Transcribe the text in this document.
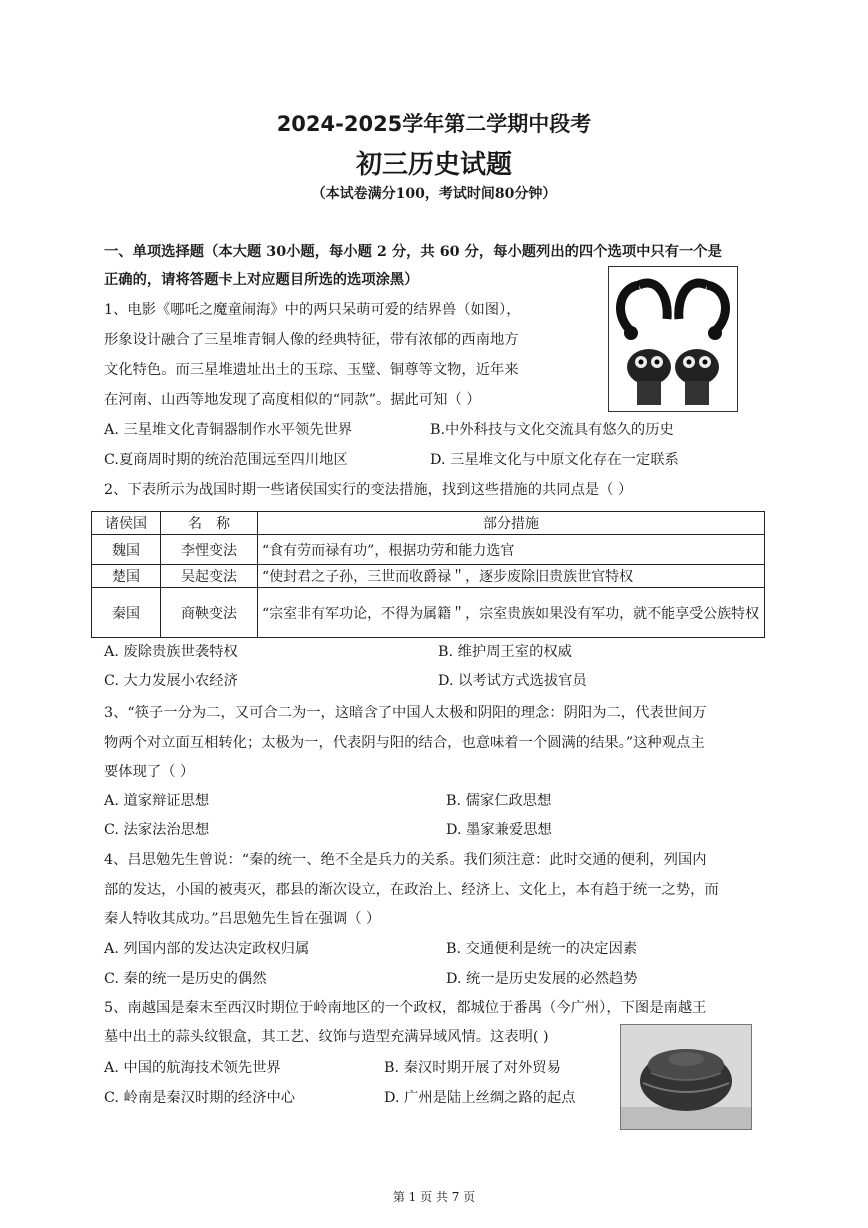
2024-2025学年第二学期中段考
初三历史试题
（本试卷满分100，考试时间80分钟）
一、单项选择题（本大题 30小题，每小题 2 分，共 60 分，每小题列出的四个选项中只有一个是
正确的，请将答题卡上对应题目所选的选项涂黑）
1、电影《哪吒之魔童闹海》中的两只呆萌可爱的结界兽（如图），
形象设计融合了三星堆青铜人像的经典特征，带有浓郁的西南地方
文化特色。而三星堆遗址出土的玉琮、玉璧、铜尊等文物，近年来
在河南、山西等地发现了高度相似的“同款”。据此可知（ ）
A. 三星堆文化青铜器制作水平领先世界	B.中外科技与文化交流具有悠久的历史
C.夏商周时期的统治范围远至四川地区	D. 三星堆文化与中原文化存在一定联系
2、下表所示为战国时期一些诸侯国实行的变法措施，找到这些措施的共同点是（ ）
诸侯国	名　称	部分措施
魏国	李悝变法	“食有劳而禄有功”，根据功劳和能力选官
楚国	吴起变法	“使封君之子孙，三世而收爵禄＂，逐步废除旧贵族世官特权
秦国	商鞅变法	“宗室非有军功论，不得为属籍＂，宗室贵族如果没有军功，就不能享受公族特权
A. 废除贵族世袭特权	B. 维护周王室的权威
C. 大力发展小农经济	D. 以考试方式选拔官员
3、“筷子一分为二，又可合二为一，这暗含了中国人太极和阴阳的理念：阴阳为二，代表世间万
物两个对立面互相转化；太极为一，代表阴与阳的结合，也意味着一个圆满的结果。”这种观点主
要体现了（ ）
A. 道家辩证思想	B. 儒家仁政思想
C. 法家法治思想	D. 墨家兼爱思想
4、吕思勉先生曾说：“秦的统一、绝不全是兵力的关系。我们须注意：此时交通的便利，列国内
部的发达，小国的被夷灭，郡县的渐次设立，在政治上、经济上、文化上，本有趋于统一之势，而
秦人特收其成功。”吕思勉先生旨在强调（ ）
A. 列国内部的发达决定政权归属	B. 交通便利是统一的决定因素
C. 秦的统一是历史的偶然	D. 统一是历史发展的必然趋势
5、南越国是秦末至西汉时期位于岭南地区的一个政权，都城位于番禺（今广州），下图是南越王
墓中出土的蒜头纹银盒，其工艺、纹饰与造型充满异域风情。这表明( )
A. 中国的航海技术领先世界	B. 秦汉时期开展了对外贸易
C. 岭南是秦汉时期的经济中心	D. 广州是陆上丝绸之路的起点
第 1 页 共 7 页
